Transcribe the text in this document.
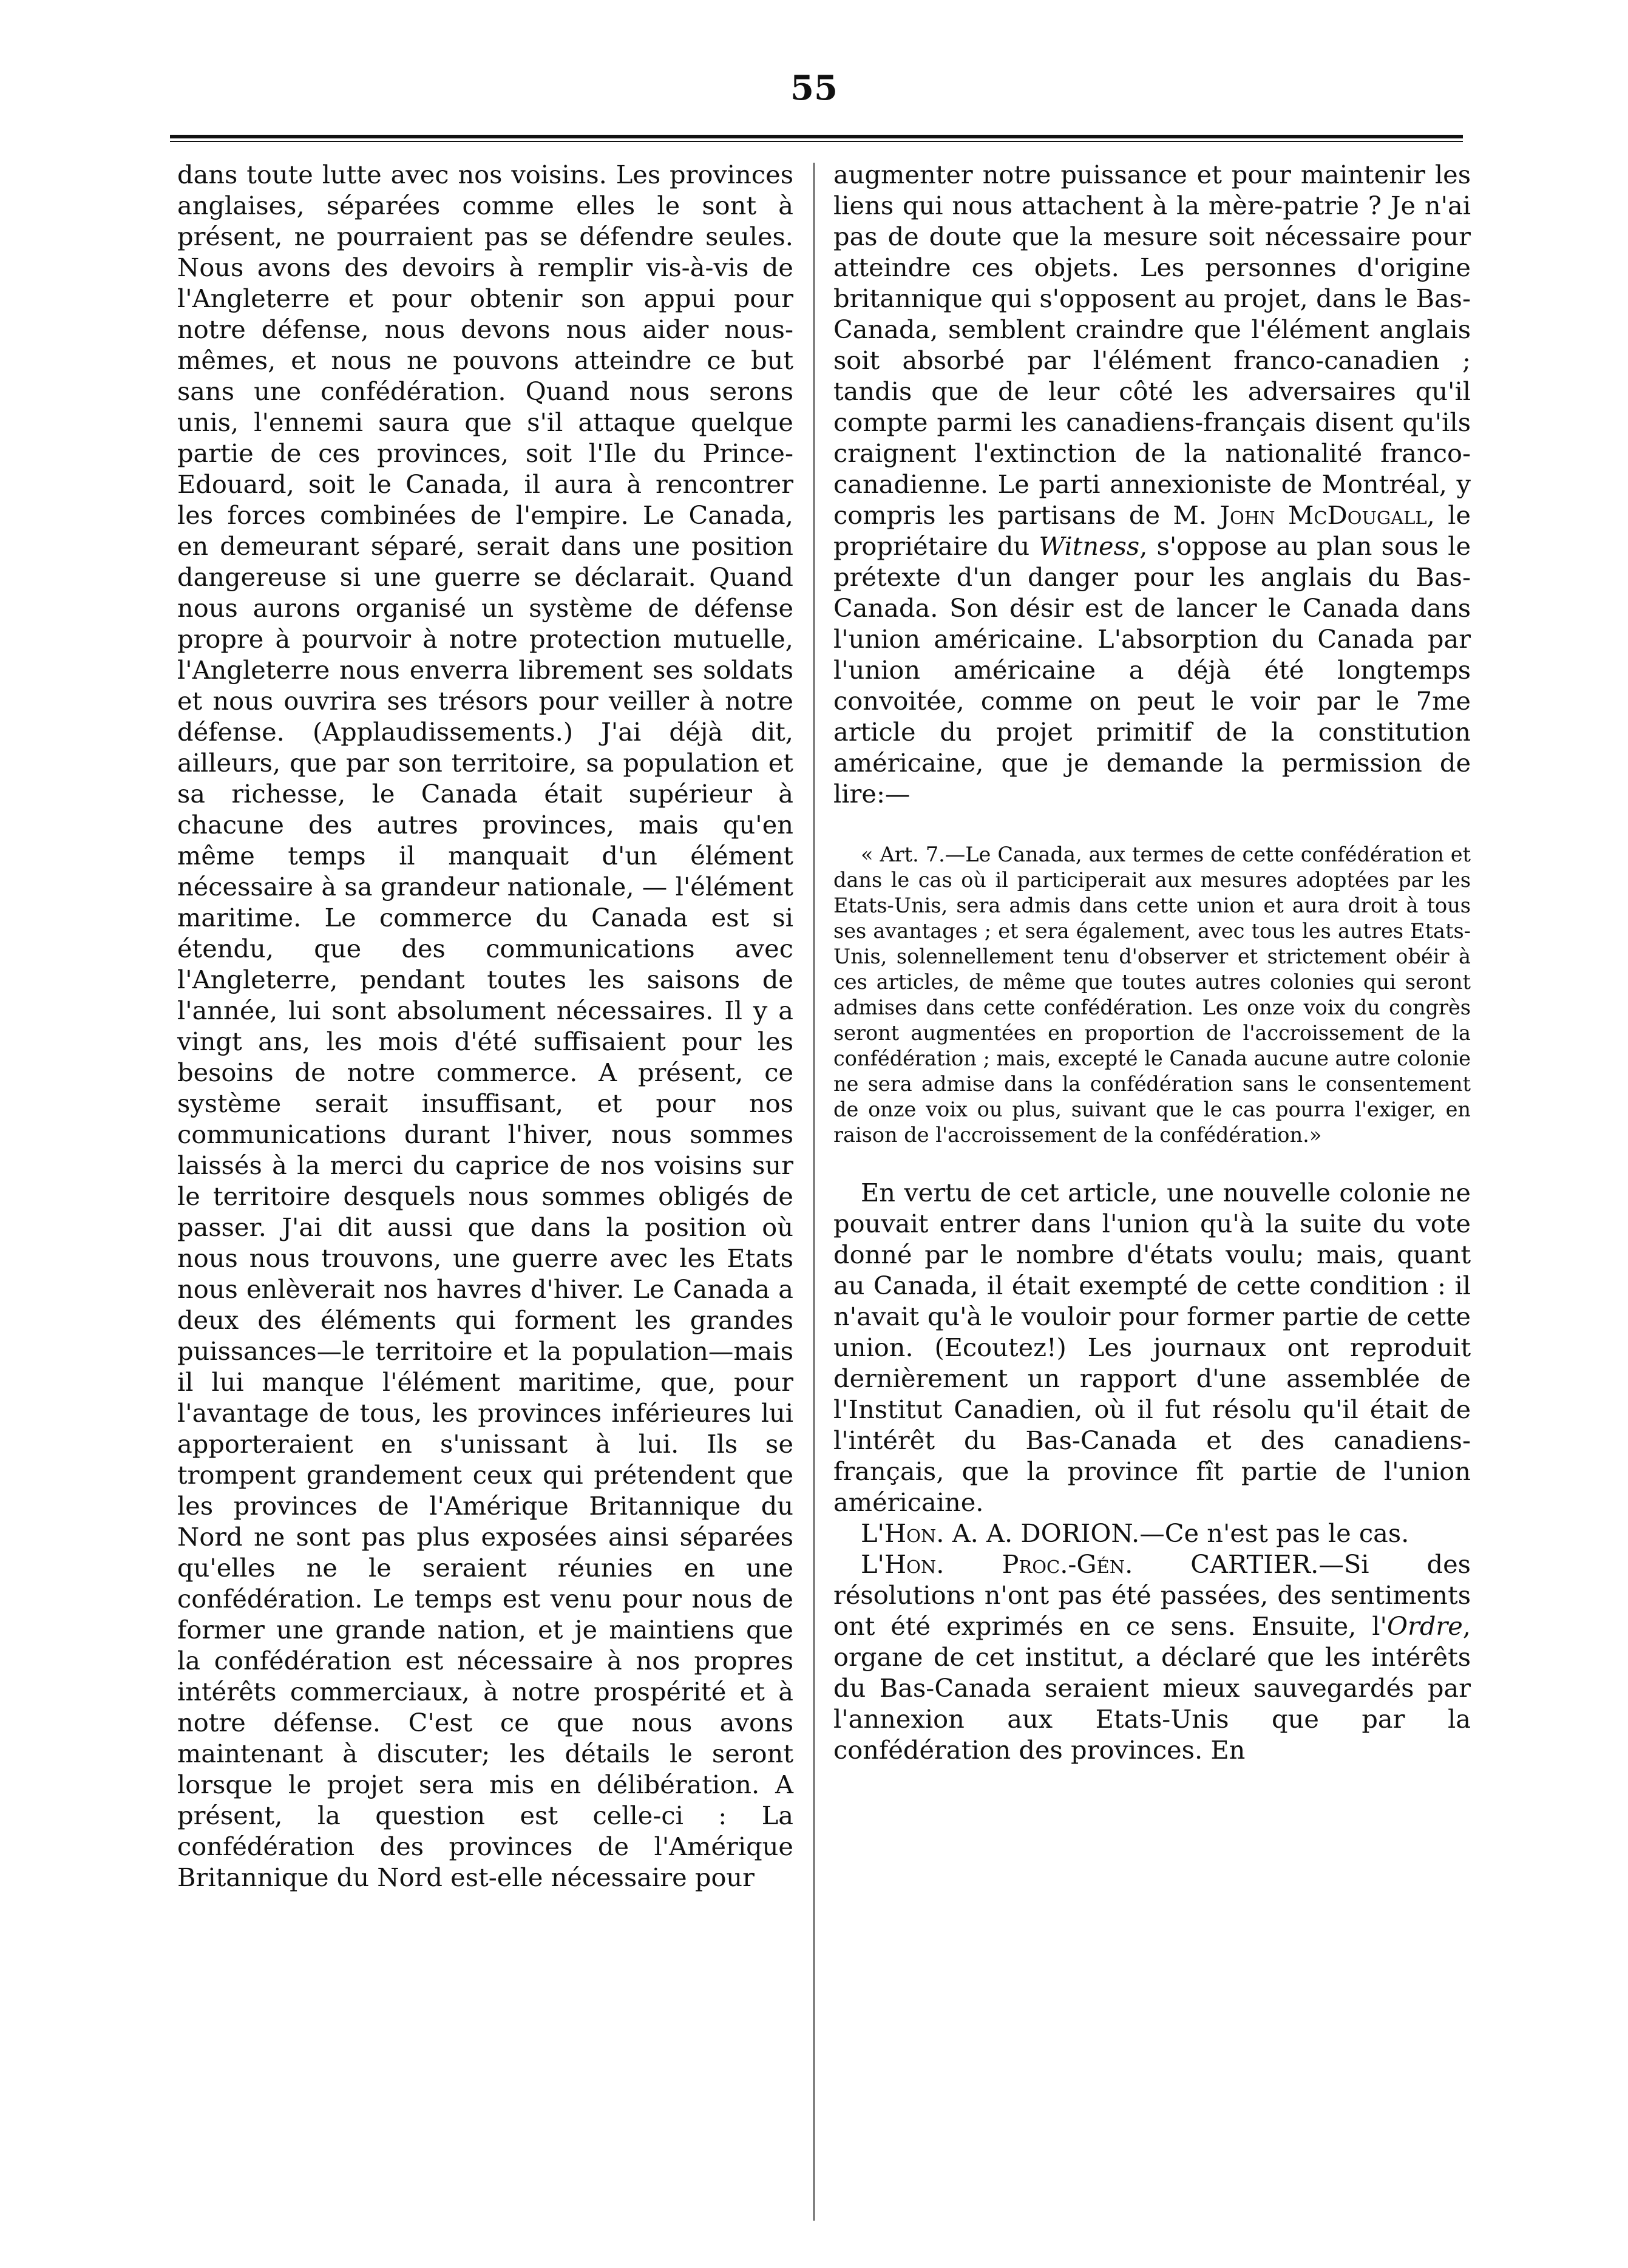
55

dans toute lutte avec nos voisins. Les provinces anglaises, séparées comme elles le sont à présent, ne pourraient pas se défendre seules. Nous avons des devoirs à remplir vis-à-vis de l'Angleterre et pour obtenir son appui pour notre défense, nous devons nous aider nous-mêmes, et nous ne pouvons atteindre ce but sans une confédération. Quand nous serons unis, l'ennemi saura que s'il attaque quelque partie de ces provinces, soit l'Ile du Prince-Edouard, soit le Canada, il aura à rencontrer les forces combinées de l'empire. Le Canada, en demeurant séparé, serait dans une position dangereuse si une guerre se déclarait. Quand nous aurons organisé un système de défense propre à pourvoir à notre protection mutuelle, l'Angleterre nous enverra librement ses soldats et nous ouvrira ses trésors pour veiller à notre défense. (Applaudissements.) J'ai déjà dit, ailleurs, que par son territoire, sa population et sa richesse, le Canada était supérieur à chacune des autres provinces, mais qu'en même temps il manquait d'un élément nécessaire à sa grandeur nationale, — l'élément maritime. Le commerce du Canada est si étendu, que des communications avec l'Angleterre, pendant toutes les saisons de l'année, lui sont absolument nécessaires. Il y a vingt ans, les mois d'été suffisaient pour les besoins de notre commerce. A présent, ce système serait insuffisant, et pour nos communications durant l'hiver, nous sommes laissés à la merci du caprice de nos voisins sur le territoire desquels nous sommes obligés de passer. J'ai dit aussi que dans la position où nous nous trouvons, une guerre avec les Etats nous enlèverait nos havres d'hiver. Le Canada a deux des éléments qui forment les grandes puissances—le territoire et la population—mais il lui manque l'élément maritime, que, pour l'avantage de tous, les provinces inférieures lui apporteraient en s'unissant à lui. Ils se trompent grandement ceux qui prétendent que les provinces de l'Amérique Britannique du Nord ne sont pas plus exposées ainsi séparées qu'elles ne le seraient réunies en une confédération. Le temps est venu pour nous de former une grande nation, et je maintiens que la confédération est nécessaire à nos propres intérêts commerciaux, à notre prospérité et à notre défense. C'est ce que nous avons maintenant à discuter; les détails le seront lorsque le projet sera mis en délibération. A présent, la question est celle-ci : La confédération des provinces de l'Amérique Britannique du Nord est-elle nécessaire pour

augmenter notre puissance et pour maintenir les liens qui nous attachent à la mère-patrie ? Je n'ai pas de doute que la mesure soit nécessaire pour atteindre ces objets. Les personnes d'origine britannique qui s'opposent au projet, dans le Bas-Canada, semblent craindre que l'élément anglais soit absorbé par l'élément franco-canadien ; tandis que de leur côté les adversaires qu'il compte parmi les canadiens-français disent qu'ils craignent l'extinction de la nationalité franco-canadienne. Le parti annexioniste de Montréal, y compris les partisans de M. John McDougall, le propriétaire du Witness, s'oppose au plan sous le prétexte d'un danger pour les anglais du Bas-Canada. Son désir est de lancer le Canada dans l'union américaine. L'absorption du Canada par l'union américaine a déjà été longtemps convoitée, comme on peut le voir par le 7me article du projet primitif de la constitution américaine, que je demande la permission de lire:—

« Art. 7.—Le Canada, aux termes de cette confédération et dans le cas où il participerait aux mesures adoptées par les Etats-Unis, sera admis dans cette union et aura droit à tous ses avantages ; et sera également, avec tous les autres Etats-Unis, solennellement tenu d'observer et strictement obéir à ces articles, de même que toutes autres colonies qui seront admises dans cette confédération. Les onze voix du congrès seront augmentées en proportion de l'accroissement de la confédération ; mais, excepté le Canada aucune autre colonie ne sera admise dans la confédération sans le consentement de onze voix ou plus, suivant que le cas pourra l'exiger, en raison de l'accroissement de la confédération.»

En vertu de cet article, une nouvelle colonie ne pouvait entrer dans l'union qu'à la suite du vote donné par le nombre d'états voulu; mais, quant au Canada, il était exempté de cette condition : il n'avait qu'à le vouloir pour former partie de cette union. (Ecoutez!) Les journaux ont reproduit dernièrement un rapport d'une assemblée de l'Institut Canadien, où il fut résolu qu'il était de l'intérêt du Bas-Canada et des canadiens-français, que la province fît partie de l'union américaine.

L'Hon. A. A. DORION.—Ce n'est pas le cas.

L'Hon. Proc.-Gén. CARTIER.—Si des résolutions n'ont pas été passées, des sentiments ont été exprimés en ce sens. Ensuite, l'Ordre, organe de cet institut, a déclaré que les intérêts du Bas-Canada seraient mieux sauvegardés par l'annexion aux Etats-Unis que par la confédération des provinces. En
